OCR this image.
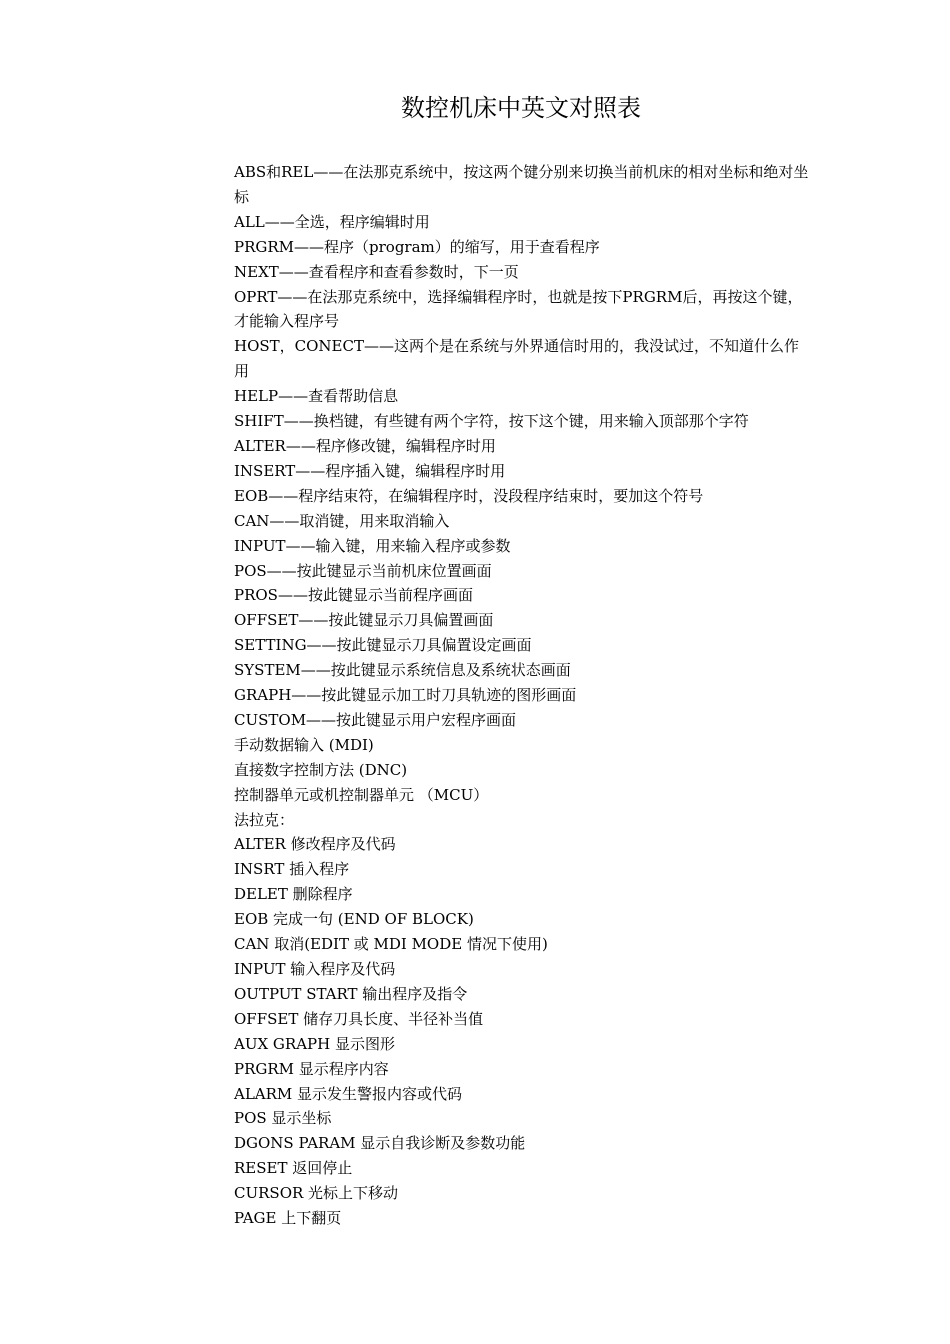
数控机床中英文对照表
ABS和REL——在法那克系统中，按这两个键分别来切换当前机床的相对坐标和绝对坐标
ALL——全选，程序编辑时用
PRGRM——程序（program）的缩写，用于查看程序
NEXT——查看程序和查看参数时，下一页
OPRT——在法那克系统中，选择编辑程序时，也就是按下PRGRM后，再按这个键，才能输入程序号
HOST，CONECT——这两个是在系统与外界通信时用的，我没试过，不知道什么作用
HELP——查看帮助信息
SHIFT——换档键，有些键有两个字符，按下这个键，用来输入顶部那个字符
ALTER——程序修改键，编辑程序时用
INSERT——程序插入键，编辑程序时用
EOB——程序结束符，在编辑程序时，没段程序结束时，要加这个符号
CAN——取消键，用来取消输入
INPUT——输入键，用来输入程序或参数
POS——按此键显示当前机床位置画面
PROS——按此键显示当前程序画面
OFFSET——按此键显示刀具偏置画面
SETTING——按此键显示刀具偏置设定画面
SYSTEM——按此键显示系统信息及系统状态画面
GRAPH——按此键显示加工时刀具轨迹的图形画面
CUSTOM——按此键显示用户宏程序画面
手动数据输入 (MDI)
直接数字控制方法 (DNC)
控制器单元或机控制器单元 （MCU）
法拉克：
ALTER 修改程序及代码
INSRT 插入程序
DELET 删除程序
EOB 完成一句 (END OF BLOCK)
CAN 取消(EDIT 或 MDI MODE 情况下使用)
INPUT 输入程序及代码
OUTPUT START 输出程序及指令
OFFSET 储存刀具长度、半径补当值
AUX GRAPH 显示图形
PRGRM 显示程序内容
ALARM 显示发生警报内容或代码
POS 显示坐标
DGONS PARAM 显示自我诊断及参数功能
RESET 返回停止
CURSOR 光标上下移动
PAGE 上下翻页
